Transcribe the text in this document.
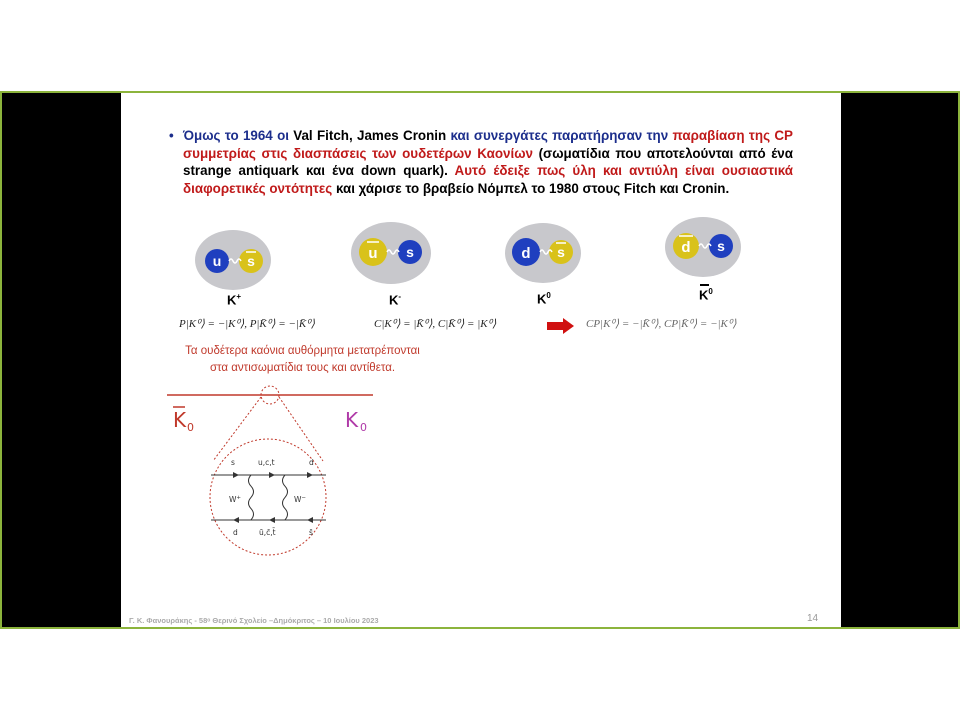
• Όμως το 1964 οι Val Fitch, James Cronin και συνεργάτες παρατήρησαν την παραβίαση της CP συμμετρίας στις διασπάσεις των ουδετέρων Καονίων (σωματίδια που αποτελούνται από ένα strange antiquark και ένα down quark). Αυτό έδειξε πως ύλη και αντιύλη είναι ουσιαστικά διαφορετικές οντότητες και χάρισε το βραβείο Νόμπελ το 1980 στους Fitch και Cronin.
u s
K+
u s
K-
d s
$K^0$
d s
$K^0$
P|K⁰⟩ = −|K⁰⟩, P|K̄⁰⟩ = −|K̄⁰⟩	C|K⁰⟩ = |K̄⁰⟩, C|K̄⁰⟩ = |K⁰⟩	CP|K⁰⟩ = −|K̄⁰⟩, CP|K̄⁰⟩ = −|K⁰⟩
Τα ουδέτερα καόνια αυθόρμητα μετατρέπονται
στα αντισωματίδια τους και αντίθετα.
K 0	K 0
s	u,c,t	d
W+	W−
d	ū,c̄,t̄	s̄
Γ. Κ. Φανουράκης - 58ᵒ Θερινό Σχολείο –Δημόκριτος – 10 Ιουλίου 2023	14
